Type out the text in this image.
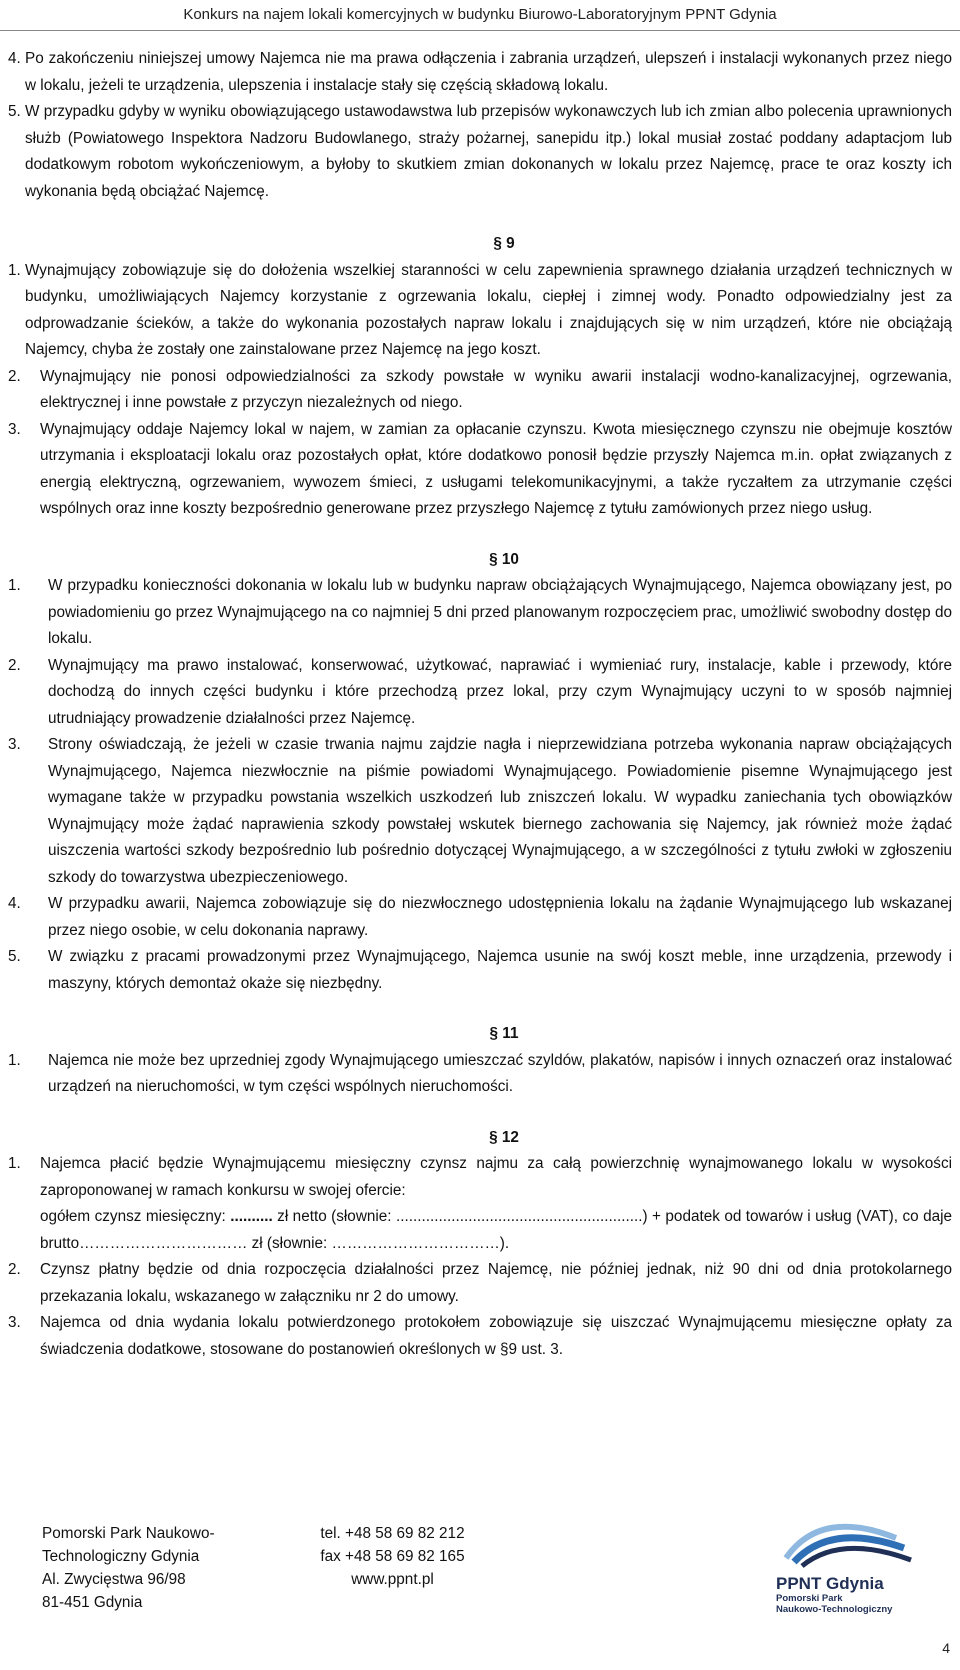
Konkurs na najem lokali komercyjnych w budynku Biurowo-Laboratoryjnym PPNT Gdynia
4. Po zakończeniu niniejszej umowy Najemca nie ma prawa odłączenia i zabrania urządzeń, ulepszeń i instalacji wykonanych przez niego w lokalu, jeżeli te urządzenia, ulepszenia i instalacje stały się częścią składową lokalu.
5. W przypadku gdyby w wyniku obowiązującego ustawodawstwa lub przepisów wykonawczych lub ich zmian albo polecenia uprawnionych służb (Powiatowego Inspektora Nadzoru Budowlanego, straży pożarnej, sanepidu itp.) lokal musiał zostać poddany adaptacjom lub dodatkowym robotom wykończeniowym, a byłoby to skutkiem zmian dokonanych w lokalu przez Najemcę, prace te oraz koszty ich wykonania będą obciążać Najemcę.
§ 9
1. Wynajmujący zobowiązuje się do dołożenia wszelkiej staranności w celu zapewnienia sprawnego działania urządzeń technicznych w budynku, umożliwiających Najemcy korzystanie z ogrzewania lokalu, ciepłej i zimnej wody. Ponadto odpowiedzialny jest za odprowadzanie ścieków, a także do wykonania pozostałych napraw lokalu i znajdujących się w nim urządzeń, które nie obciążają Najemcy, chyba że zostały one zainstalowane przez Najemcę na jego koszt.
2.	Wynajmujący nie ponosi odpowiedzialności za szkody powstałe w wyniku awarii instalacji wodno-kanalizacyjnej, ogrzewania, elektrycznej i inne powstałe z przyczyn niezależnych od niego.
3.	Wynajmujący oddaje Najemcy lokal w najem, w zamian za opłacanie czynszu. Kwota miesięcznego czynszu nie obejmuje kosztów utrzymania i eksploatacji lokalu oraz pozostałych opłat, które dodatkowo ponosił będzie przyszły Najemca m.in. opłat związanych z energią elektryczną, ogrzewaniem, wywozem śmieci, z usługami telekomunikacyjnymi, a także ryczałtem za utrzymanie części wspólnych oraz inne koszty bezpośrednio generowane przez przyszłego Najemcę z tytułu zamówionych przez niego usług.
§ 10
1.	W przypadku konieczności dokonania w lokalu lub w budynku napraw obciążających Wynajmującego, Najemca obowiązany jest, po powiadomieniu go przez Wynajmującego na co najmniej 5 dni przed planowanym rozpoczęciem prac, umożliwić swobodny dostęp do lokalu.
2.	Wynajmujący ma prawo instalować, konserwować, użytkować, naprawiać i wymieniać rury, instalacje, kable i przewody, które dochodzą do innych części budynku i które przechodzą przez lokal, przy czym Wynajmujący uczyni to w sposób najmniej utrudniający prowadzenie działalności przez Najemcę.
3.	Strony oświadczają, że jeżeli w czasie trwania najmu zajdzie nagła i nieprzewidziana potrzeba wykonania napraw obciążających Wynajmującego, Najemca niezwłocznie na piśmie powiadomi Wynajmującego. Powiadomienie pisemne Wynajmującego jest wymagane także w przypadku powstania wszelkich uszkodzeń lub zniszczeń lokalu. W wypadku zaniechania tych obowiązków Wynajmujący może żądać naprawienia szkody powstałej wskutek biernego zachowania się Najemcy, jak również może żądać uiszczenia wartości szkody bezpośrednio lub pośrednio dotyczącej Wynajmującego, a w szczególności z tytułu zwłoki w zgłoszeniu szkody do towarzystwa ubezpieczeniowego.
4.	W przypadku awarii, Najemca zobowiązuje się do niezwłocznego udostępnienia lokalu na żądanie Wynajmującego lub wskazanej przez niego osobie, w celu dokonania naprawy.
5.	W związku z pracami prowadzonymi przez Wynajmującego, Najemca usunie na swój koszt meble, inne urządzenia, przewody i maszyny, których demontaż okaże się niezbędny.
§ 11
1.	Najemca nie może bez uprzedniej zgody Wynajmującego umieszczać szyldów, plakatów, napisów i innych oznaczeń oraz instalować urządzeń na nieruchomości, w tym części wspólnych nieruchomości.
§ 12
1.	Najemca płacić będzie Wynajmującemu miesięczny czynsz najmu za całą powierzchnię wynajmowanego lokalu w wysokości zaproponowanej w ramach konkursu w swojej ofercie:
ogółem czynsz miesięczny: .......... zł netto (słownie: ..........................................................) + podatek od towarów i usług (VAT), co daje brutto…………………………… zł (słownie: ……………………………).
2.	Czynsz płatny będzie od dnia rozpoczęcia działalności przez Najemcę, nie później jednak, niż 90 dni od dnia protokolarnego przekazania lokalu, wskazanego w załączniku nr 2 do umowy.
3.	Najemca od dnia wydania lokalu potwierdzonego protokołem zobowiązuje się uiszczać Wynajmującemu miesięczne opłaty za świadczenia dodatkowe, stosowane do postanowień określonych w §9 ust. 3.
Pomorski Park Naukowo-
Technologiczny Gdynia
Al. Zwycięstwa 96/98
81-451 Gdynia
tel. +48 58 69 82 212
fax +48 58 69 82 165
www.ppnt.pl	PPNT Gdynia
Pomorski Park
Naukowo-Technologiczny
4
